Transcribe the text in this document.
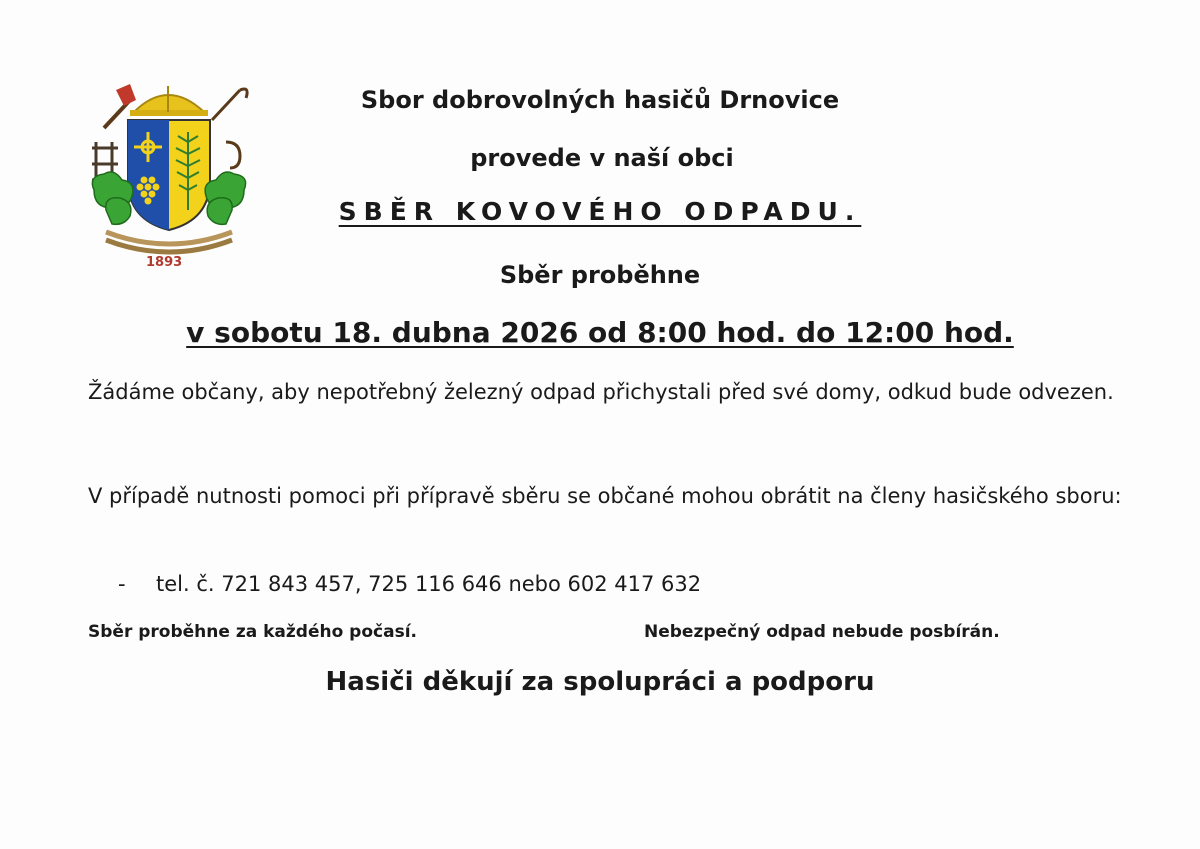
1893
Sbor dobrovolných hasičů Drnovice
provede v naší obci
SBĚR KOVOVÉHO ODPADU.
Sběr proběhne
v sobotu 18. dubna 2026 od 8:00 hod. do 12:00 hod.
Žádáme občany, aby nepotřebný železný odpad přichystali před své domy, odkud bude odvezen.
V případě nutnosti pomoci při přípravě sběru se občané mohou obrátit na členy hasičského sboru:
- tel. č. 721 843 457, 725 116 646 nebo 602 417 632
Sběr proběhne za každého počasí.	Nebezpečný odpad nebude posbírán.
Hasiči děkují za spolupráci a podporu
